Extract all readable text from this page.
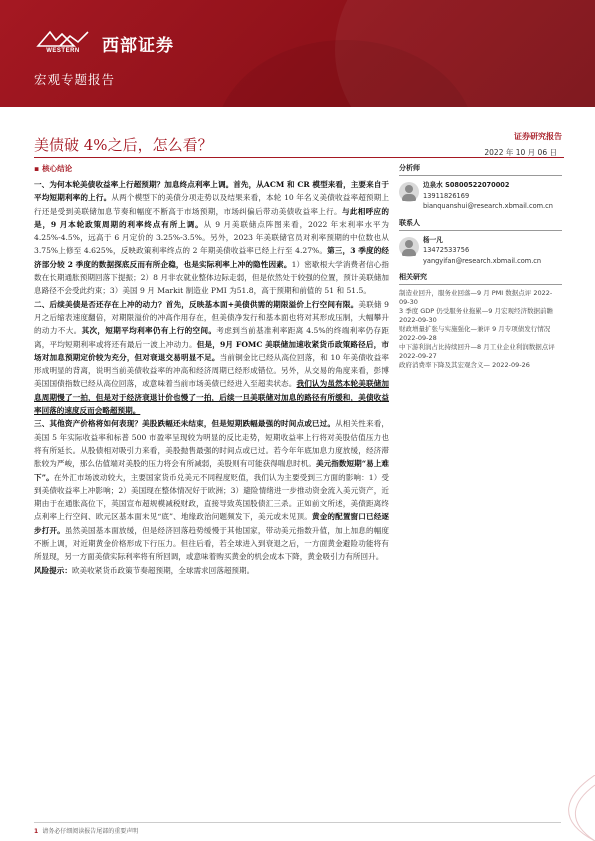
WESTERN	西部证券
宏观专题报告
美债破 4%之后，怎么看？	证券研究报告
2022 年 10 月 06 日
▪ 核心结论

一、为何本轮美债收益率上行超预期？加息终点利率上调。首先，从ACM 和 CR 模型来看，主要来自于平均短期利率的上行。从两个模型下的美债分项走势以及结果来看，本轮 10 年名义美债收益率超预期上行还是受到美联储加息节奏和幅度不断高于市场预期，市场纠偏后带动美债收益率上行。与此相呼应的是，9 月本轮政策周期的利率终点有所上调。从 9 月美联储点阵图来看，2022 年末利率水平为 4.25%-4.5%，远高于 6 月定价的 3.25%-3.5%。另外，2023 年美联储官员对利率预期的中位数也从3.75%上修至 4.625%，反映政策利率终点的 2 年期美债收益率已经上行至 4.27%。第三，3 季度的经济部分较 2 季度的数据探底反而有所企稳，也是实际利率上冲的隐性因素。1）密歇根大学消费者信心指数在长期通胀预期回落下提振；2）8 月非农就业整体边际走弱，但是依然处于较强的位置，预计美联储加息路径不会受此约束；3）美国 9 月 Markit 制造业 PMI 为51.8，高于预期和前值的 51 和 51.5。

二、后续美债是否还存在上冲的动力？首先，反映基本面+美债供需的期限溢价上行空间有限。美联储 9 月之后缩表速度翻倍，对期限溢价的冲高作用存在，但美债净发行和基本面也将对其形成压制，大幅攀升的动力不大。其次，短期平均利率仍有上行的空间。考虑到当前基准利率距离 4.5%的终端利率仍存距离，平均短期利率或将还有最后一波上冲动力。但是，9月 FOMC 美联储加速收紧货币政策路径后，市场对加息预期定价较为充分，但对衰退交易明显不足。当前铜金比已经从高位回落，和 10 年美债收益率形成明显的背离，说明当前美债收益率的冲高和经济周期已经形成错位。另外，从交易的角度来看，彭博美国国债指数已经从高位回落，或意味着当前市场美债已经进入至超卖状态。我们认为虽然本轮美联储加息周期慢了一拍，但是对于经济衰退计价也慢了一拍，后续一旦美联储对加息的路径有所缓和，美债收益率回落的速度反而会略超预期。

三、其他资产价格将如何表现？美股跌幅还未结束，但是短期跌幅最强的时间点或已过。从相关性来看，美国 5 年实际收益率和标普 500 市盈率呈现较为明显的反比走势，短期收益率上行将对美股估值压力也将有所延长。从股债相对吸引力来看，美股抛售最强的时间点或已过。若今年年底加息力度放缓，经济滞胀较为严峻，那么估值端对美股的压力将会有所减弱，美股则有可能获得喘息时机。美元指数短期“易上难下”。在外汇市场波动较大，主要国家货币兑美元不同程度贬值，我们认为主要受到三方面的影响：1）受到美债收益率上冲影响；2）美国现在整体情况好于欧洲；3）避险情绪进一步推动资金流入美元资产，近期由于在通胀高位下，英国宣布超规模减税财政，直接导致英国股债汇三杀。正如前文所述，美债距离终点利率上行空间、欧元区基本面未见“底”、地缘政治问题频发下，美元或未见顶。黄金的配置窗口已经逐步打开。虽然美国基本面放缓，但是经济回落趋势缓慢于其他国家，带动美元指数升值，加上加息的幅度不断上调，对近期黄金价格形成下行压力。但往后看，若全球进入到衰退之后，一方面黄金避险功能将有所显现，另一方面美债实际利率将有所回调，或意味着购买黄金的机会成本下降，黄金吸引力有所回升。

风险提示：欧美收紧货币政策节奏超预期，全球需求回落超预期。

分析师
边泉水 S0800522070002
13911826169
bianquanshui@research.xbmail.com.cn
联系人
杨一凡
13472533756
yangyifan@research.xbmail.com.cn
相关研究
制造业回升，服务业回落—9 月 PMI 数据点评 2022-09-30
3 季度 GDP 仍受服务业拖累—9 月宏观经济数据前瞻 2022-09-30
财政增量扩张与实施强化—兼评 9 月专项债发行情况 2022-09-28
中下游利润占比持续回升—8 月工业企业利润数据点评 2022-09-27
政府消费率下降及其宏观含义— 2022-09-26
1 请务必仔细阅读报告尾部的重要声明
